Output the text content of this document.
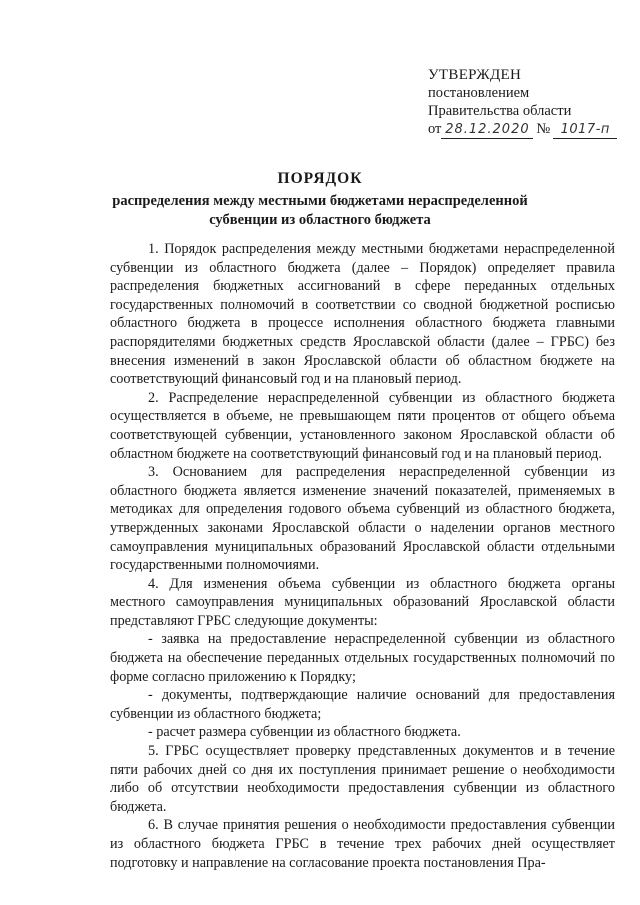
УТВЕРЖДЕН
постановлением
Правительства области
от 28.12.2020 № 1017-п
ПОРЯДОК
распределения между местными бюджетами нераспределенной субвенции из областного бюджета

1. Порядок распределения между местными бюджетами нераспределенной субвенции из областного бюджета (далее – Порядок) определяет правила распределения бюджетных ассигнований в сфере переданных отдельных государственных полномочий в соответствии со сводной бюджетной росписью областного бюджета в процессе исполнения областного бюджета главными распорядителями бюджетных средств Ярославской области (далее – ГРБС) без внесения изменений в закон Ярославской области об областном бюджете на соответствующий финансовый год и на плановый период.

2. Распределение нераспределенной субвенции из областного бюджета осуществляется в объеме, не превышающем пяти процентов от общего объема соответствующей субвенции, установленного законом Ярославской области об областном бюджете на соответствующий финансовый год и на плановый период.

3. Основанием для распределения нераспределенной субвенции из областного бюджета является изменение значений показателей, применяемых в методиках для определения годового объема субвенций из областного бюджета, утвержденных законами Ярославской области о наделении органов местного самоуправления муниципальных образований Ярославской области отдельными государственными полномочиями.

4. Для изменения объема субвенции из областного бюджета органы местного самоуправления муниципальных образований Ярославской области представляют ГРБС следующие документы:

- заявка на предоставление нераспределенной субвенции из областного бюджета на обеспечение переданных отдельных государственных полномочий по форме согласно приложению к Порядку;

- документы, подтверждающие наличие оснований для предоставления субвенции из областного бюджета;

- расчет размера субвенции из областного бюджета.

5. ГРБС осуществляет проверку представленных документов и в течение пяти рабочих дней со дня их поступления принимает решение о необходимости либо об отсутствии необходимости предоставления субвенции из областного бюджета.

6. В случае принятия решения о необходимости предоставления субвенции из областного бюджета ГРБС в течение трех рабочих дней осуществляет подготовку и направление на согласование проекта постановления Пра-
